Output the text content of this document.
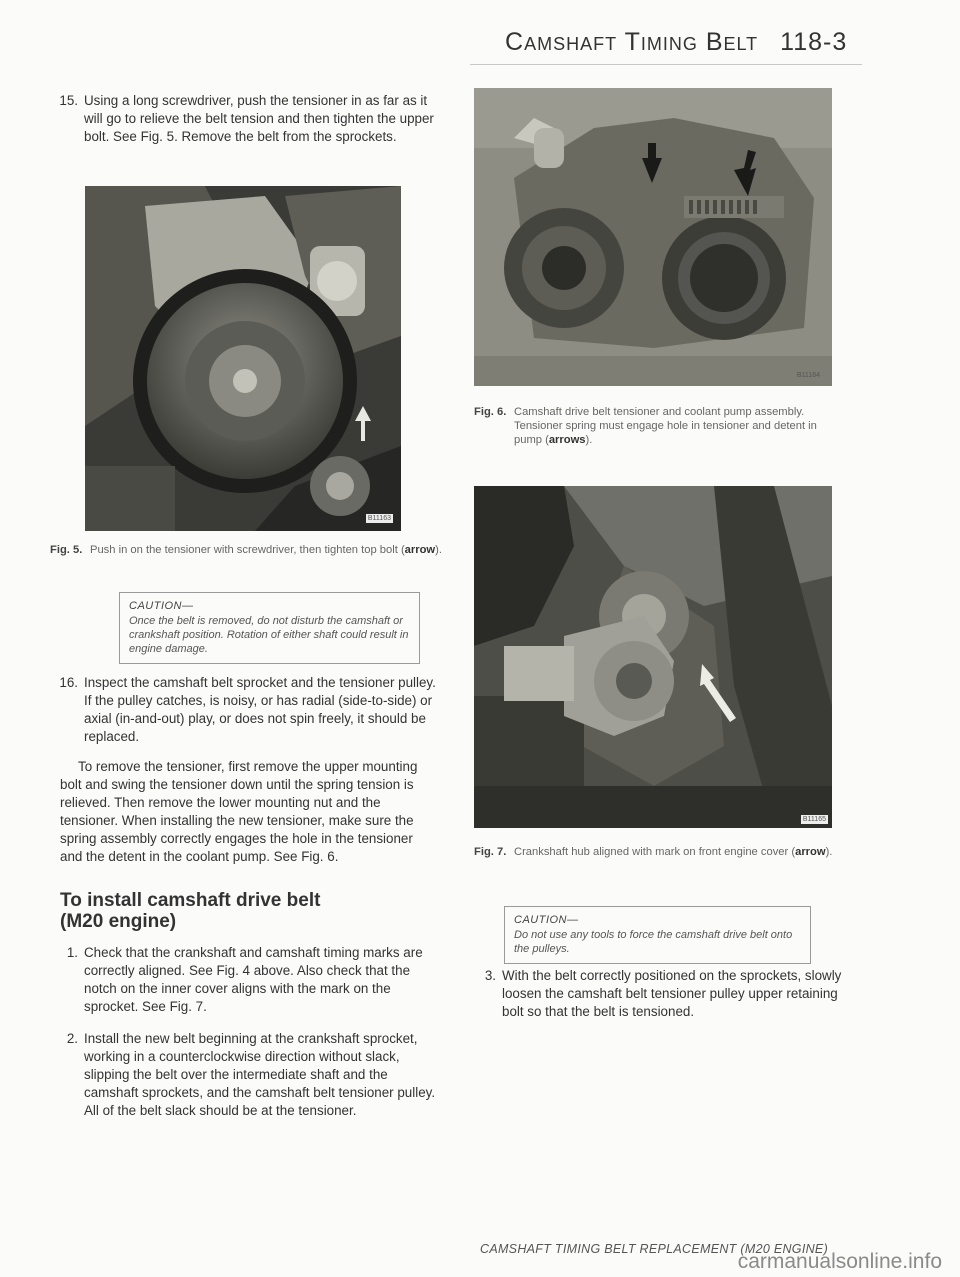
CAMSHAFT TIMING BELT 118-3
15. Using a long screwdriver, push the tensioner in as far as it will go to relieve the belt tension and then tighten the upper bolt. See Fig. 5. Remove the belt from the sprockets.
B11163
Fig. 5. Push in on the tensioner with screwdriver, then tighten top bolt (arrow).
CAUTION—
Once the belt is removed, do not disturb the camshaft or crankshaft position. Rotation of either shaft could result in engine damage.
16. Inspect the camshaft belt sprocket and the tensioner pulley. If the pulley catches, is noisy, or has radial (side-to-side) or axial (in-and-out) play, or does not spin freely, it should be replaced.
To remove the tensioner, first remove the upper mounting bolt and swing the tensioner down until the spring tension is relieved. Then remove the lower mounting nut and the tensioner. When installing the new tensioner, make sure the spring assembly correctly engages the hole in the tensioner and the detent in the coolant pump. See Fig. 6.
To install camshaft drive belt
(M20 engine)
1. Check that the crankshaft and camshaft timing marks are correctly aligned. See Fig. 4 above. Also check that the notch on the inner cover aligns with the mark on the sprocket. See Fig. 7.
2. Install the new belt beginning at the crankshaft sprocket, working in a counterclockwise direction without slack, slipping the belt over the intermediate shaft and the camshaft sprockets, and the camshaft belt tensioner pulley. All of the belt slack should be at the tensioner.
B11164
Fig. 6. Camshaft drive belt tensioner and coolant pump assembly. Tensioner spring must engage hole in tensioner and detent in pump (arrows).
B11165
Fig. 7. Crankshaft hub aligned with mark on front engine cover (arrow).
CAUTION—
Do not use any tools to force the camshaft drive belt onto the pulleys.
3. With the belt correctly positioned on the sprockets, slowly loosen the camshaft belt tensioner pulley upper retaining bolt so that the belt is tensioned.
CAMSHAFT TIMING BELT REPLACEMENT (M20 ENGINE)
carmanualsonline.info
